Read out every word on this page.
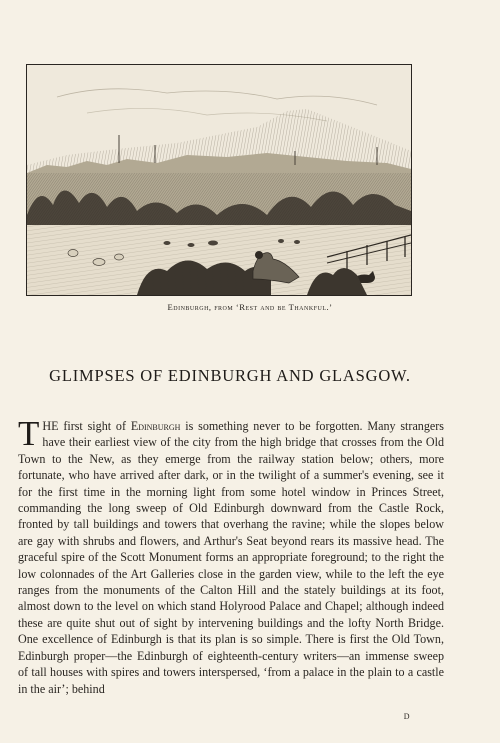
Edinburgh, from ‘Rest and be Thankful.’
GLIMPSES OF EDINBURGH AND GLASGOW.

THE first sight of Edinburgh is something never to be forgotten. Many strangers have their earliest view of the city from the high bridge that crosses from the Old Town to the New, as they emerge from the railway station below; others, more fortunate, who have arrived after dark, or in the twilight of a summer's evening, see it for the first time in the morning light from some hotel window in Princes Street, commanding the long sweep of Old Edinburgh downward from the Castle Rock, fronted by tall buildings and towers that overhang the ravine; while the slopes below are gay with shrubs and flowers, and Arthur's Seat beyond rears its massive head. The graceful spire of the Scott Monument forms an appropriate foreground; to the right the low colonnades of the Art Galleries close in the garden view, while to the left the eye ranges from the monuments of the Calton Hill and the stately buildings at its foot, almost down to the level on which stand Holyrood Palace and Chapel; although indeed these are quite shut out of sight by intervening buildings and the lofty North Bridge. One excellence of Edinburgh is that its plan is so simple. There is first the Old Town, Edinburgh proper—the Edinburgh of eighteenth-century writers—an immense sweep of tall houses with spires and towers interspersed, ‘from a palace in the plain to a castle in the air’; behind

D
